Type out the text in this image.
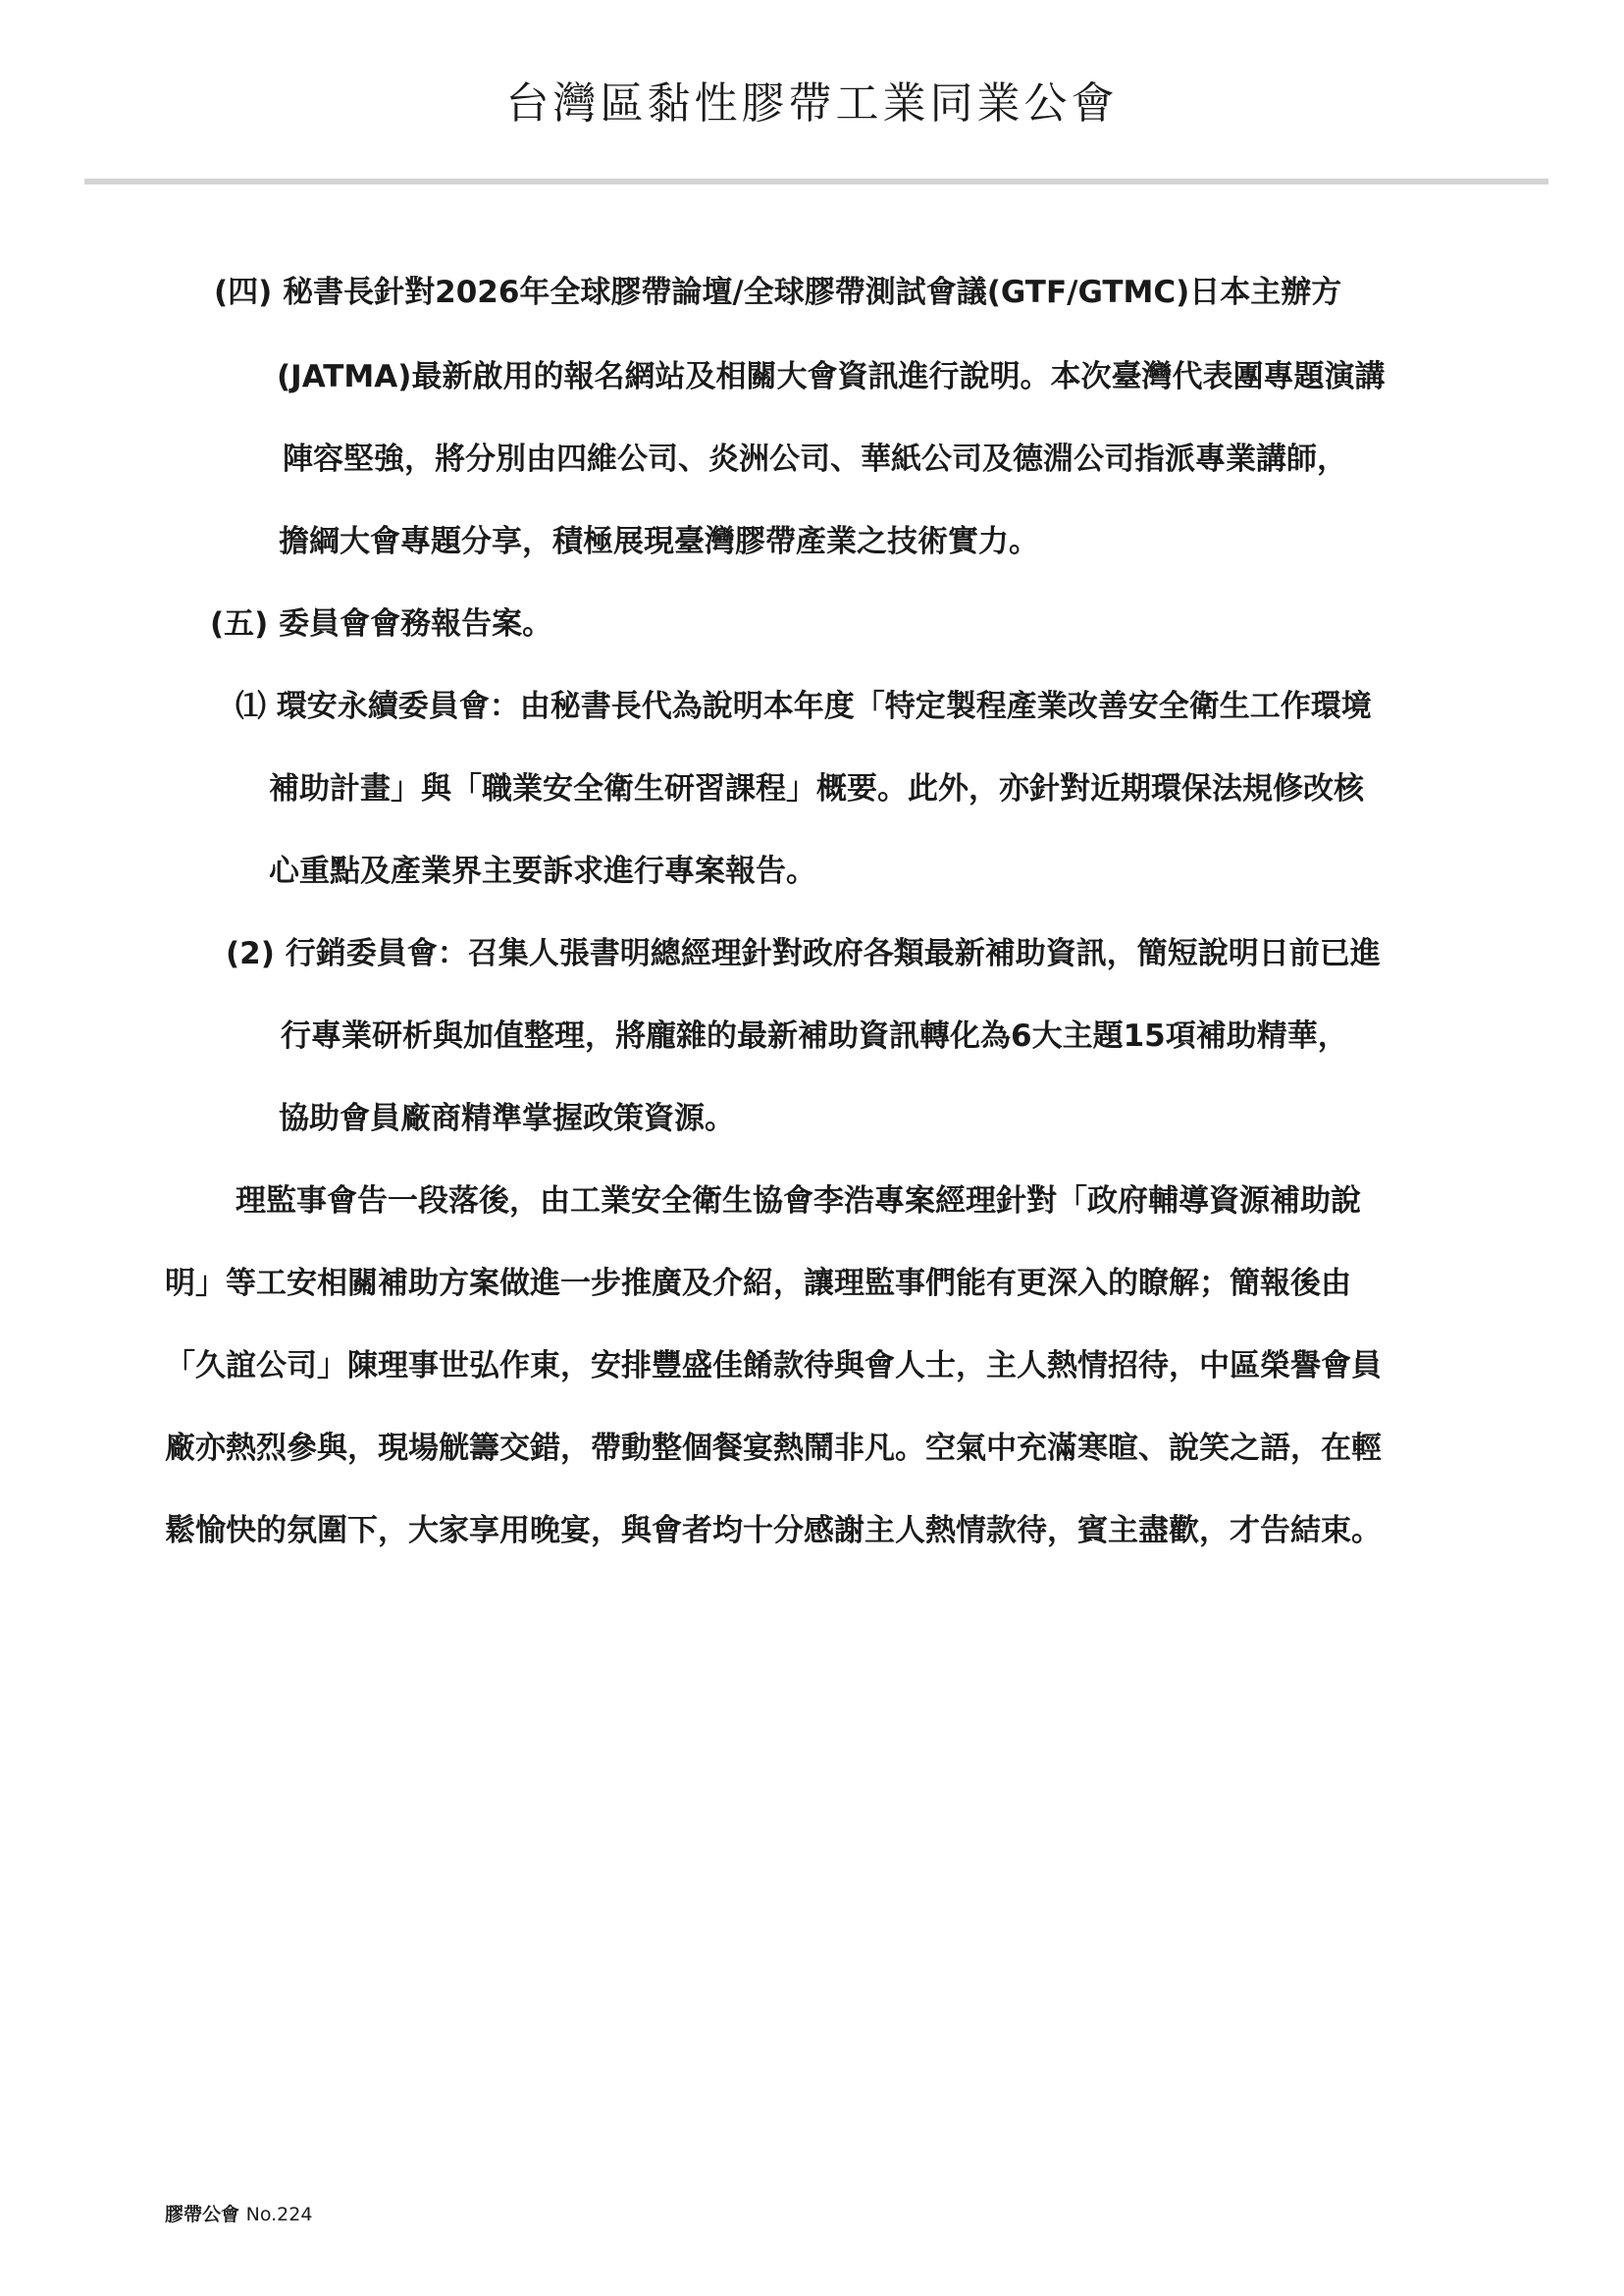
台灣區黏性膠帶工業同業公會
(四) 秘書長針對2026年全球膠帶論壇/全球膠帶測試會議(GTF/GTMC)日本主辦方
(JATMA)最新啟用的報名網站及相關大會資訊進行說明。本次臺灣代表團專題演講
陣容堅強，將分別由四維公司、炎洲公司、華紙公司及德淵公司指派專業講師，
擔綱大會專題分享，積極展現臺灣膠帶產業之技術實力。
(五) 委員會會務報告案。
⑴ 環安永續委員會：由秘書長代為說明本年度「特定製程產業改善安全衛生工作環境
補助計畫」與「職業安全衛生研習課程」概要。此外，亦針對近期環保法規修改核
心重點及產業界主要訴求進行專案報告。
(2) 行銷委員會：召集人張書明總經理針對政府各類最新補助資訊，簡短說明日前已進
行專業研析與加值整理，將龐雜的最新補助資訊轉化為6大主題15項補助精華，
協助會員廠商精準掌握政策資源。
理監事會告一段落後，由工業安全衛生協會李浩專案經理針對「政府輔導資源補助說
明」等工安相關補助方案做進一步推廣及介紹，讓理監事們能有更深入的瞭解；簡報後由
「久誼公司」陳理事世弘作東，安排豐盛佳餚款待與會人士，主人熱情招待，中區榮譽會員
廠亦熱烈參與，現場觥籌交錯，帶動整個餐宴熱鬧非凡。空氣中充滿寒暄、說笑之語，在輕
鬆愉快的氛圍下，大家享用晚宴，與會者均十分感謝主人熱情款待，賓主盡歡，才告結束。
膠帶公會 No.224
